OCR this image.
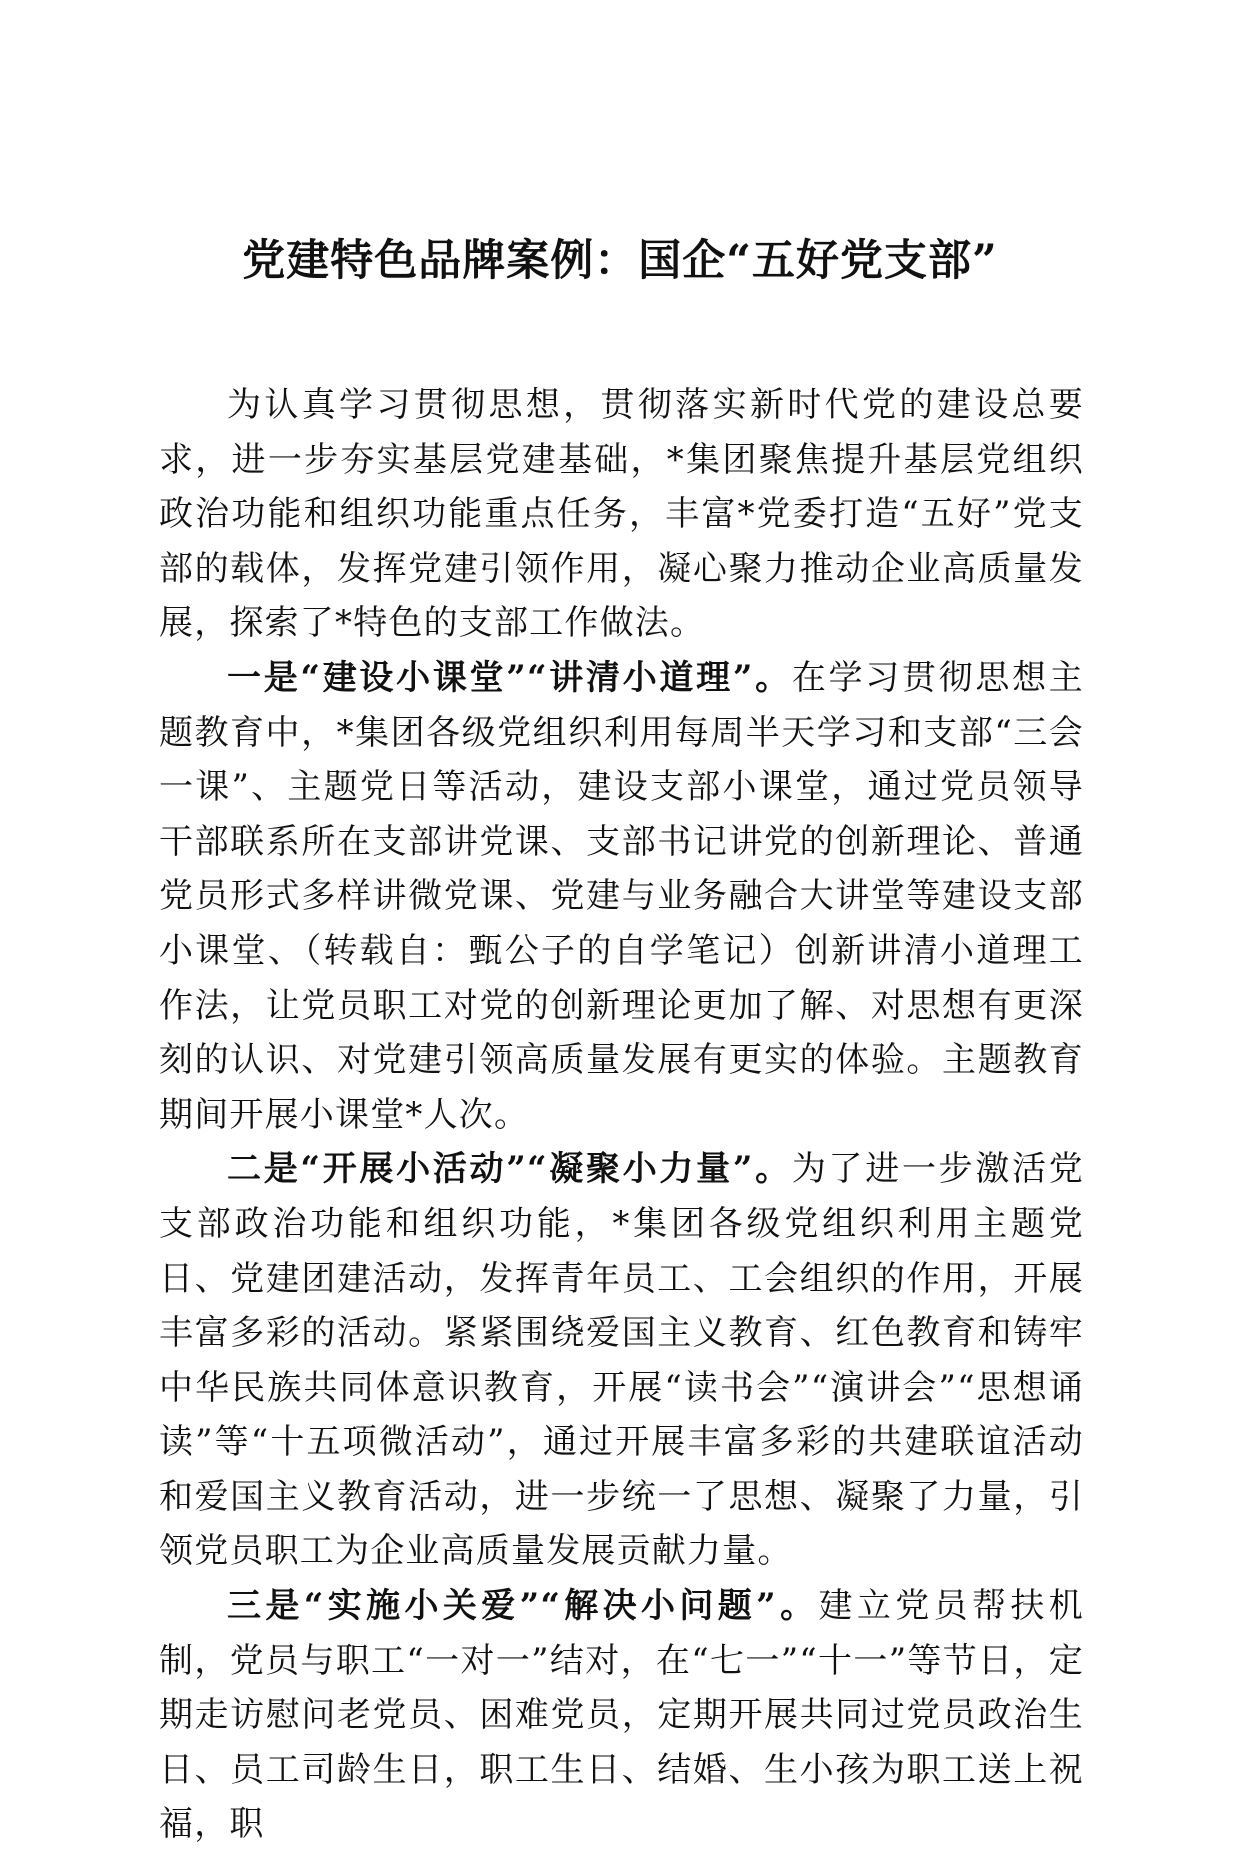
党建特色品牌案例：国企“五好党支部”

为认真学习贯彻思想，贯彻落实新时代党的建设总要求，进一步夯实基层党建基础，*集团聚焦提升基层党组织政治功能和组织功能重点任务，丰富*党委打造“五好”党支部的载体，发挥党建引领作用，凝心聚力推动企业高质量发展，探索了*特色的支部工作做法。

一是“建设小课堂”“讲清小道理”。在学习贯彻思想主题教育中，*集团各级党组织利用每周半天学习和支部“三会一课”、主题党日等活动，建设支部小课堂，通过党员领导干部联系所在支部讲党课、支部书记讲党的创新理论、普通党员形式多样讲微党课、党建与业务融合大讲堂等建设支部小课堂、（转载自：甄公子的自学笔记）创新讲清小道理工作法，让党员职工对党的创新理论更加了解、对思想有更深刻的认识、对党建引领高质量发展有更实的体验。主题教育期间开展小课堂*人次。

二是“开展小活动”“凝聚小力量”。为了进一步激活党支部政治功能和组织功能，*集团各级党组织利用主题党日、党建团建活动，发挥青年员工、工会组织的作用，开展丰富多彩的活动。紧紧围绕爱国主义教育、红色教育和铸牢中华民族共同体意识教育，开展“读书会”“演讲会”“思想诵读”等“十五项微活动”，通过开展丰富多彩的共建联谊活动和爱国主义教育活动，进一步统一了思想、凝聚了力量，引领党员职工为企业高质量发展贡献力量。

三是“实施小关爱”“解决小问题”。建立党员帮扶机制，党员与职工“一对一”结对，在“七一”“十一”等节日，定期走访慰问老党员、困难党员，定期开展共同过党员政治生日、员工司龄生日，职工生日、结婚、生小孩为职工送上祝福，职
